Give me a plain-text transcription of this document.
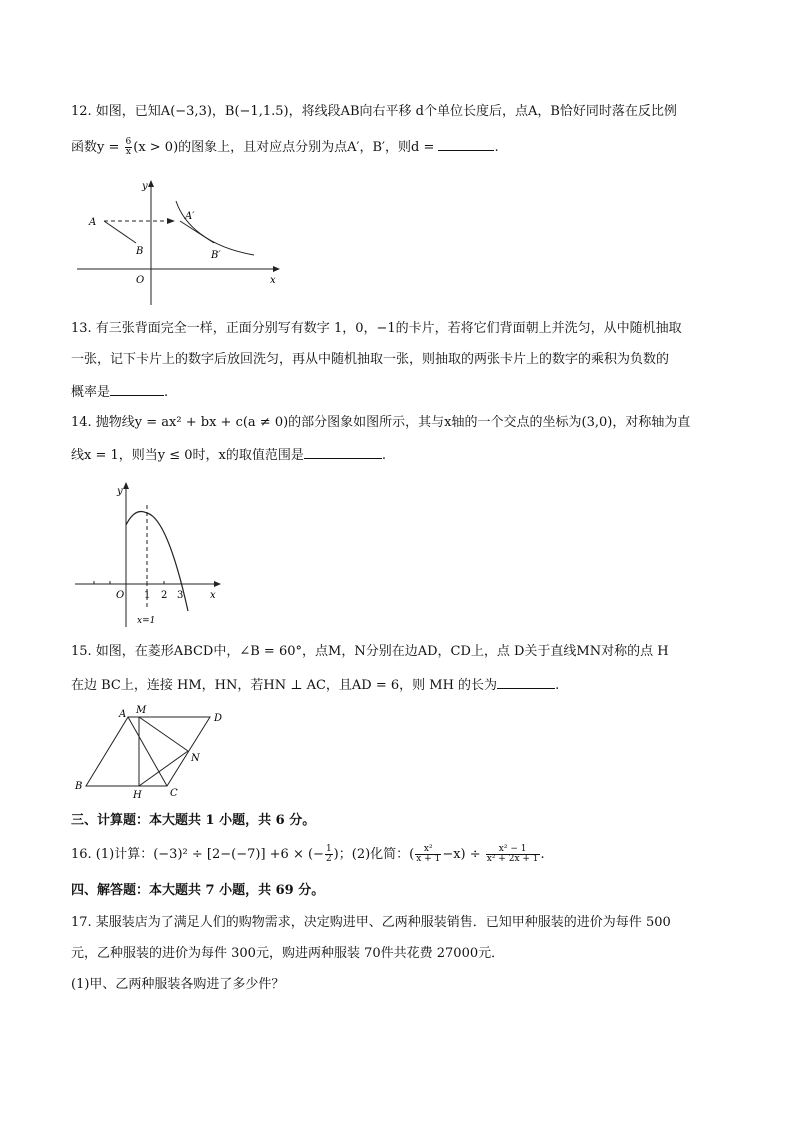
12. 如图，已知A(−3,3)，B(−1,1.5)，将线段AB向右平移 d个单位长度后，点A，B恰好同时落在反比例
函数$y = \frac{6}{x} (x > 0)$的图象上，且对应点分别为点A′，B′，则d =	.
y
x
O
A
B
A′
B′
13. 有三张背面完全一样，正面分别写有数字 1，0，−1的卡片，若将它们背面朝上并洗匀，从中随机抽取
一张，记下卡片上的数字后放回洗匀，再从中随机抽取一张，则抽取的两张卡片上的数字的乘积为负数的
概率是	.
14. 抛物线y = ax² + bx + c(a ≠ 0)的部分图象如图所示，其与x轴的一个交点的坐标为(3,0)，对称轴为直
线x = 1，则当y ≤ 0时，x的取值范围是	.
y
x
O 1 2 3
x=1
15. 如图，在菱形ABCD中，∠B = 60°，点M，N分别在边AD，CD上，点 D关于直线MN对称的点 H
在边 BC上，连接 HM，HN，若HN ⊥ AC，且AD = 6，则 MH 的长为	.
A M
D
N
B
H	C
三、计算题：本大题共 1 小题，共 6 分。
16. (1)计算：(−3)² ÷ [2−(−7)] +6 × (− $\frac{1}{2}$ )；(2)化简：( $\frac{\text{x²}}{x + 1} -x) \div \frac{\text{x² − 1}}{\text{x² + 2x + 1}}$ .
四、解答题：本大题共 7 小题，共 69 分。
17. 某服装店为了满足人们的购物需求，决定购进甲、乙两种服装销售．已知甲种服装的进价为每件 500
元，乙种服装的进价为每件 300元，购进两种服装 70件共花费 27000元．
(1)甲、乙两种服装各购进了多少件？
